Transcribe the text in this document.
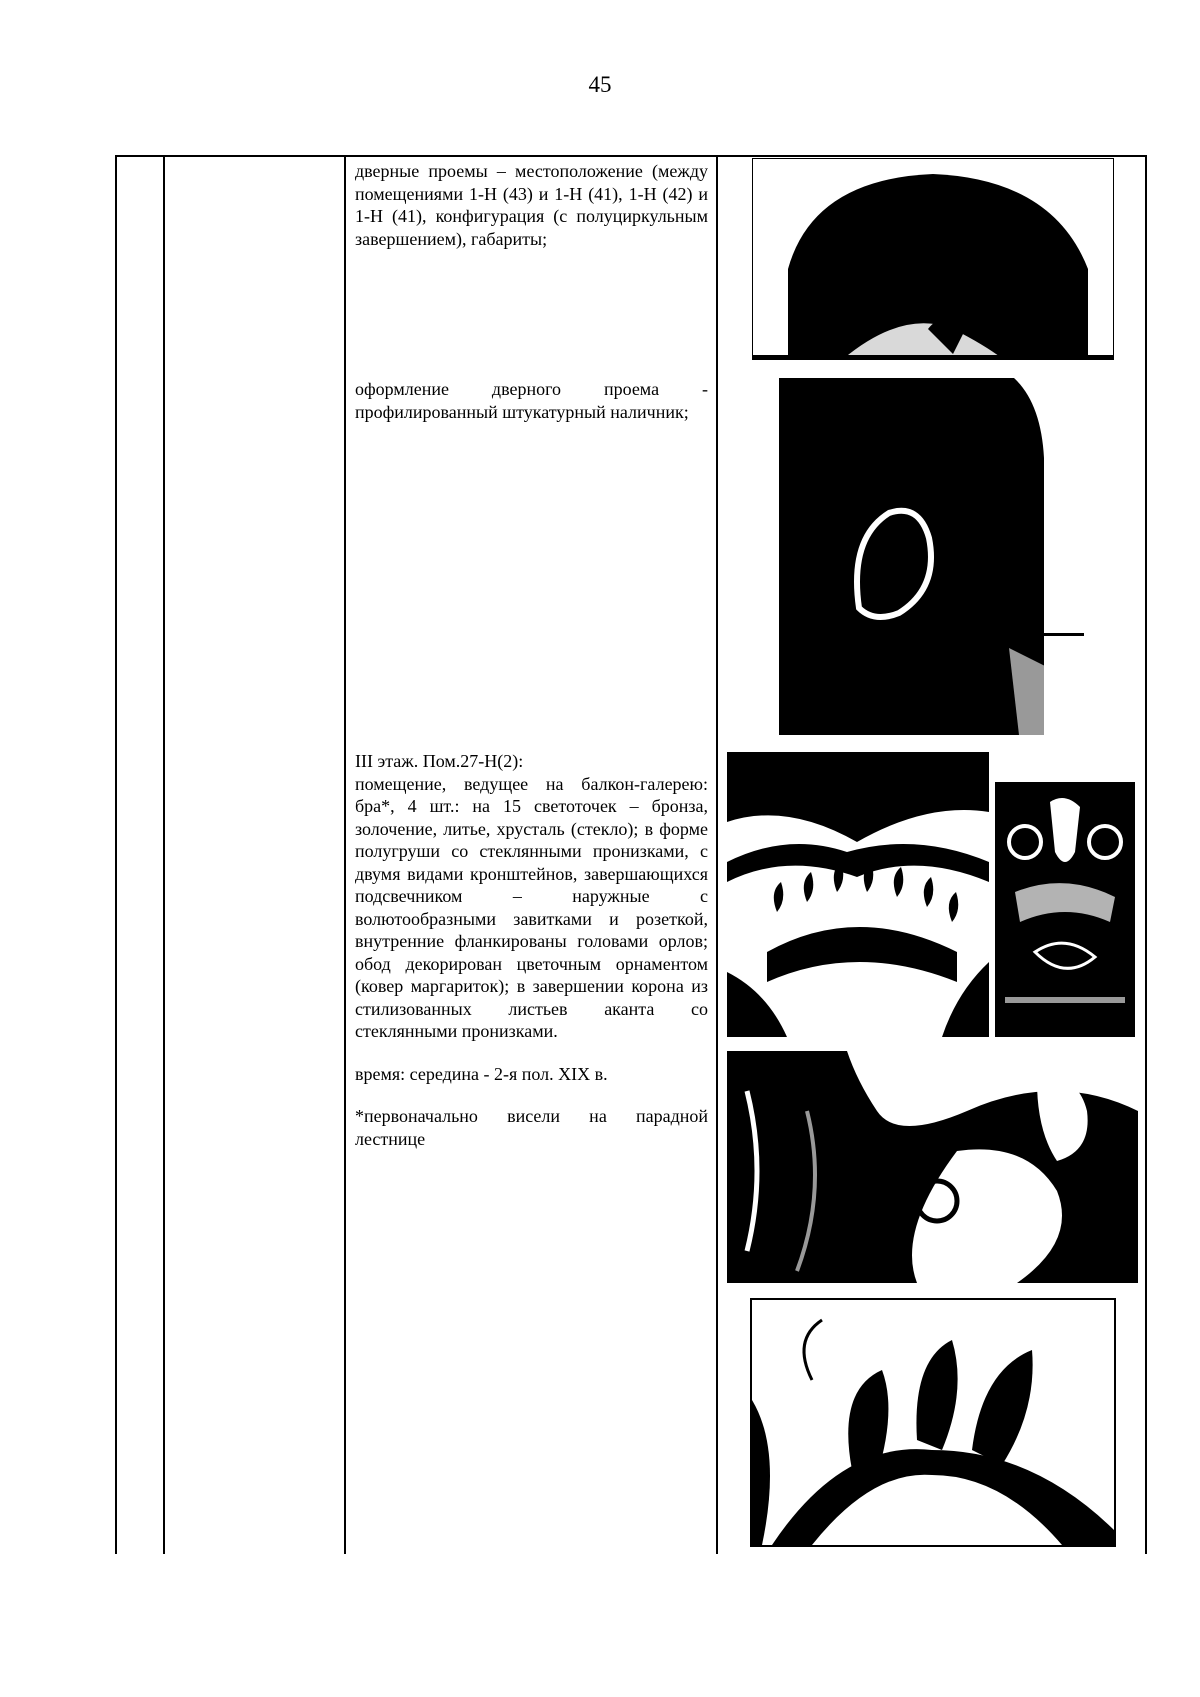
45
дверные проемы – местоположение (между помещениями 1-Н (43) и 1-Н (41), 1-Н (42) и 1-Н (41), конфигурация (с полуциркульным завершением), габариты;
оформление дверного проема - профилированный штукатурный наличник;

III этаж. Пом.27-Н(2):

помещение, ведущее на балкон-галерею: бра*, 4 шт.: на 15 светоточек – бронза, золочение, литье, хрусталь (стекло); в форме полугруши со стеклянными пронизками, с двумя видами кронштейнов, завершающихся подсвечником – наружные с волютообразными завитками и розеткой, внутренние фланкированы головами орлов; обод декорирован цветочным орнаментом (ковер маргариток); в завершении корона из стилизованных листьев аканта со стеклянными пронизками.

время: середина - 2-я пол. XIX в.

*первоначально висели на парадной лестнице
